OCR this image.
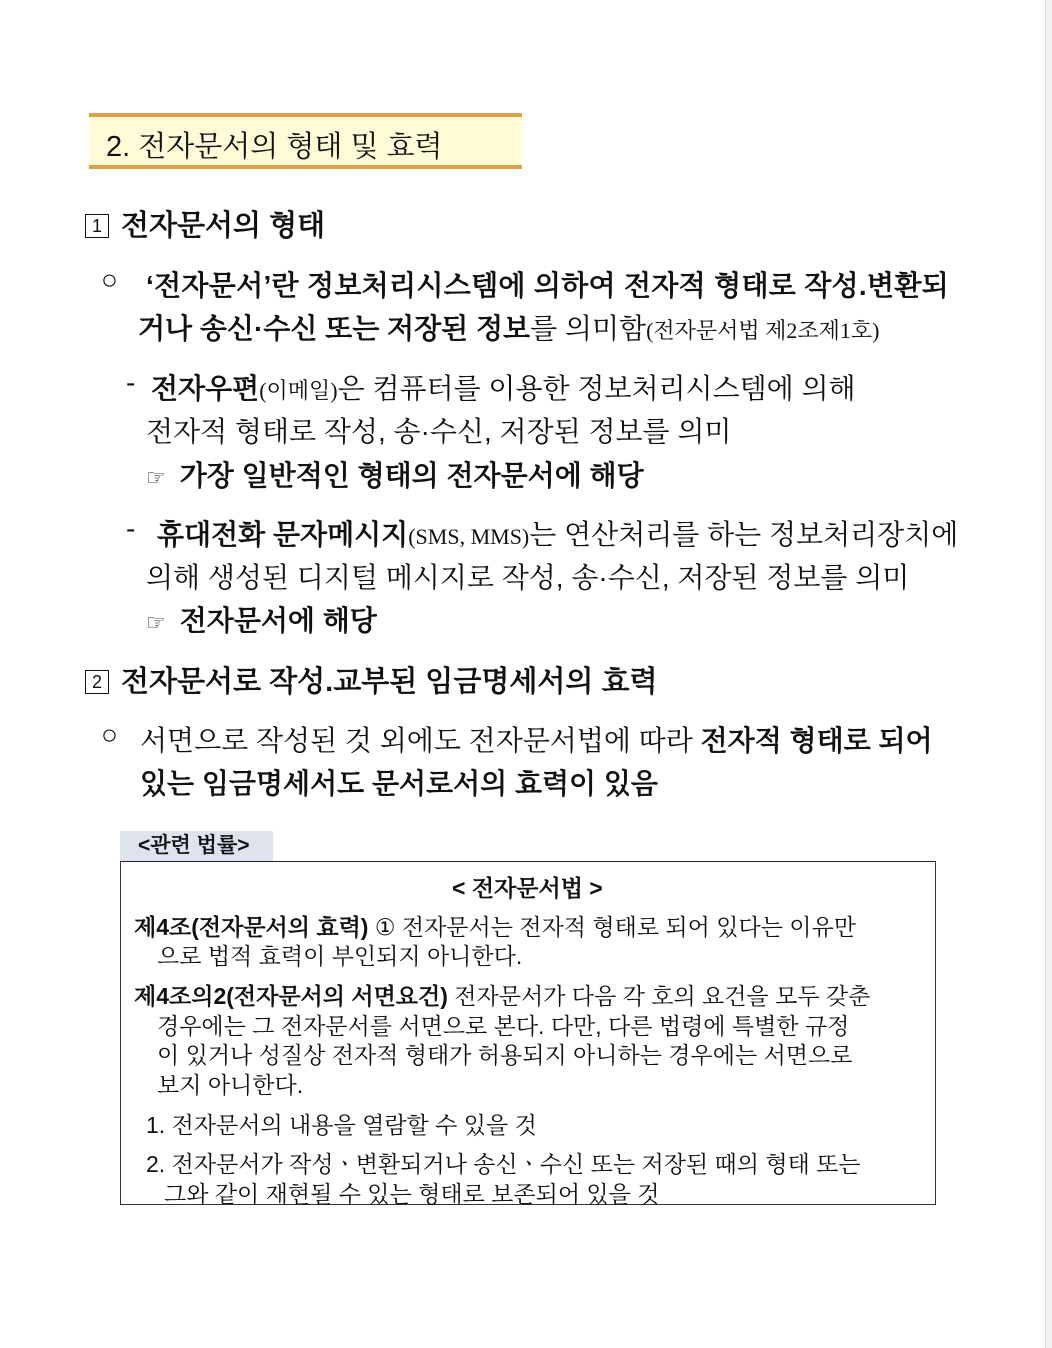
2. 전자문서의 형태 및 효력
1 전자문서의 형태
○ ‘전자문서’란 정보처리시스템에 의하여 전자적 형태로 작성.변환되
거나 송신·수신 또는 저장된 정보를 의미함(전자문서법 제2조제1호)
- 전자우편(이메일)은 컴퓨터를 이용한 정보처리시스템에 의해
전자적 형태로 작성, 송·수신, 저장된 정보를 의미
☞ 가장 일반적인 형태의 전자문서에 해당
- 휴대전화 문자메시지(SMS, MMS)는 연산처리를 하는 정보처리장치에
의해 생성된 디지털 메시지로 작성, 송·수신, 저장된 정보를 의미
☞ 전자문서에 해당
2 전자문서로 작성.교부된 임금명세서의 효력
○ 서면으로 작성된 것 외에도 전자문서법에 따라 전자적 형태로 되어
있는 임금명세서도 문서로서의 효력이 있음
<관련 법률>
< 전자문서법 >
제4조(전자문서의 효력) ① 전자문서는 전자적 형태로 되어 있다는 이유만
으로 법적 효력이 부인되지 아니한다.
제4조의2(전자문서의 서면요건) 전자문서가 다음 각 호의 요건을 모두 갖춘
경우에는 그 전자문서를 서면으로 본다. 다만, 다른 법령에 특별한 규정
이 있거나 성질상 전자적 형태가 허용되지 아니하는 경우에는 서면으로
보지 아니한다.
1. 전자문서의 내용을 열람할 수 있을 것
2. 전자문서가 작성ㆍ변환되거나 송신ㆍ수신 또는 저장된 때의 형태 또는
그와 같이 재현될 수 있는 형태로 보존되어 있을 것
